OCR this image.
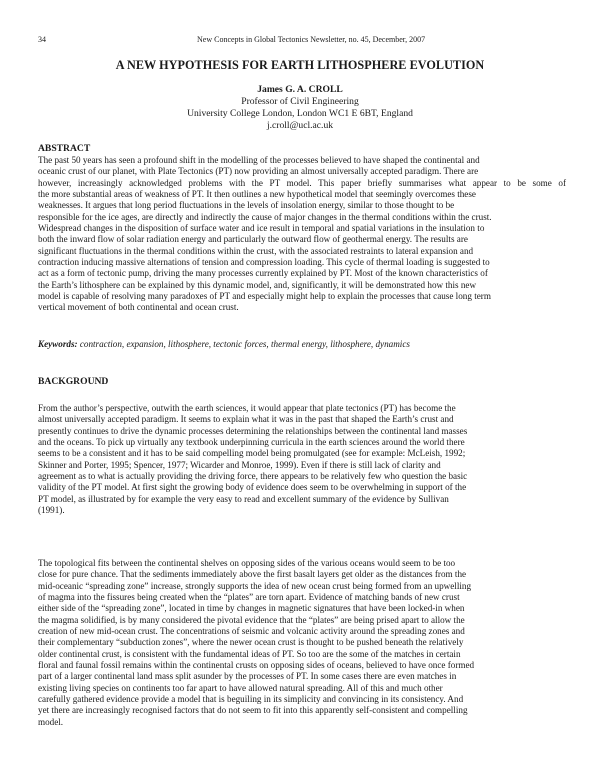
34	New Concepts in Global Tectonics Newsletter, no. 45, December, 2007
A NEW HYPOTHESIS FOR EARTH LITHOSPHERE EVOLUTION
James G. A. CROLL
Professor of Civil Engineering
University College London, London WC1 E 6BT, England
j.croll@ucl.ac.uk
ABSTRACT
The past 50 years has seen a profound shift in the modelling of the processes believed to have shaped the continental and
oceanic crust of our planet, with Plate Tectonics (PT) now providing an almost universally accepted paradigm. There are
however, increasingly acknowledged problems with the PT model. This paper briefly summarises what appear to be some of
the more substantial areas of weakness of PT. It then outlines a new hypothetical model that seemingly overcomes these
weaknesses. It argues that long period fluctuations in the levels of insolation energy, similar to those thought to be
responsible for the ice ages, are directly and indirectly the cause of major changes in the thermal conditions within the crust.
Widespread changes in the disposition of surface water and ice result in temporal and spatial variations in the insulation to
both the inward flow of solar radiation energy and particularly the outward flow of geothermal energy. The results are
significant fluctuations in the thermal conditions within the crust, with the associated restraints to lateral expansion and
contraction inducing massive alternations of tension and compression loading. This cycle of thermal loading is suggested to
act as a form of tectonic pump, driving the many processes currently explained by PT. Most of the known characteristics of
the Earth’s lithosphere can be explained by this dynamic model, and, significantly, it will be demonstrated how this new
model is capable of resolving many paradoxes of PT and especially might help to explain the processes that cause long term
vertical movement of both continental and ocean crust.
Keywords: contraction, expansion, lithosphere, tectonic forces, thermal energy, lithosphere, dynamics
BACKGROUND
From the author’s perspective, outwith the earth sciences, it would appear that plate tectonics (PT) has become the
almost universally accepted paradigm. It seems to explain what it was in the past that shaped the Earth’s crust and
presently continues to drive the dynamic processes determining the relationships between the continental land masses
and the oceans. To pick up virtually any textbook underpinning curricula in the earth sciences around the world there
seems to be a consistent and it has to be said compelling model being promulgated (see for example: McLeish, 1992;
Skinner and Porter, 1995; Spencer, 1977; Wicarder and Monroe, 1999). Even if there is still lack of clarity and
agreement as to what is actually providing the driving force, there appears to be relatively few who question the basic
validity of the PT model. At first sight the growing body of evidence does seem to be overwhelming in support of the
PT model, as illustrated by for example the very easy to read and excellent summary of the evidence by Sullivan
(1991).
The topological fits between the continental shelves on opposing sides of the various oceans would seem to be too
close for pure chance. That the sediments immediately above the first basalt layers get older as the distances from the
mid-oceanic “spreading zone” increase, strongly supports the idea of new ocean crust being formed from an upwelling
of magma into the fissures being created when the “plates” are torn apart. Evidence of matching bands of new crust
either side of the “spreading zone”, located in time by changes in magnetic signatures that have been locked-in when
the magma solidified, is by many considered the pivotal evidence that the “plates” are being prised apart to allow the
creation of new mid-ocean crust. The concentrations of seismic and volcanic activity around the spreading zones and
their complementary “subduction zones”, where the newer ocean crust is thought to be pushed beneath the relatively
older continental crust, is consistent with the fundamental ideas of PT. So too are the some of the matches in certain
floral and faunal fossil remains within the continental crusts on opposing sides of oceans, believed to have once formed
part of a larger continental land mass split asunder by the processes of PT. In some cases there are even matches in
existing living species on continents too far apart to have allowed natural spreading. All of this and much other
carefully gathered evidence provide a model that is beguiling in its simplicity and convincing in its consistency. And
yet there are increasingly recognised factors that do not seem to fit into this apparently self-consistent and compelling
model.
